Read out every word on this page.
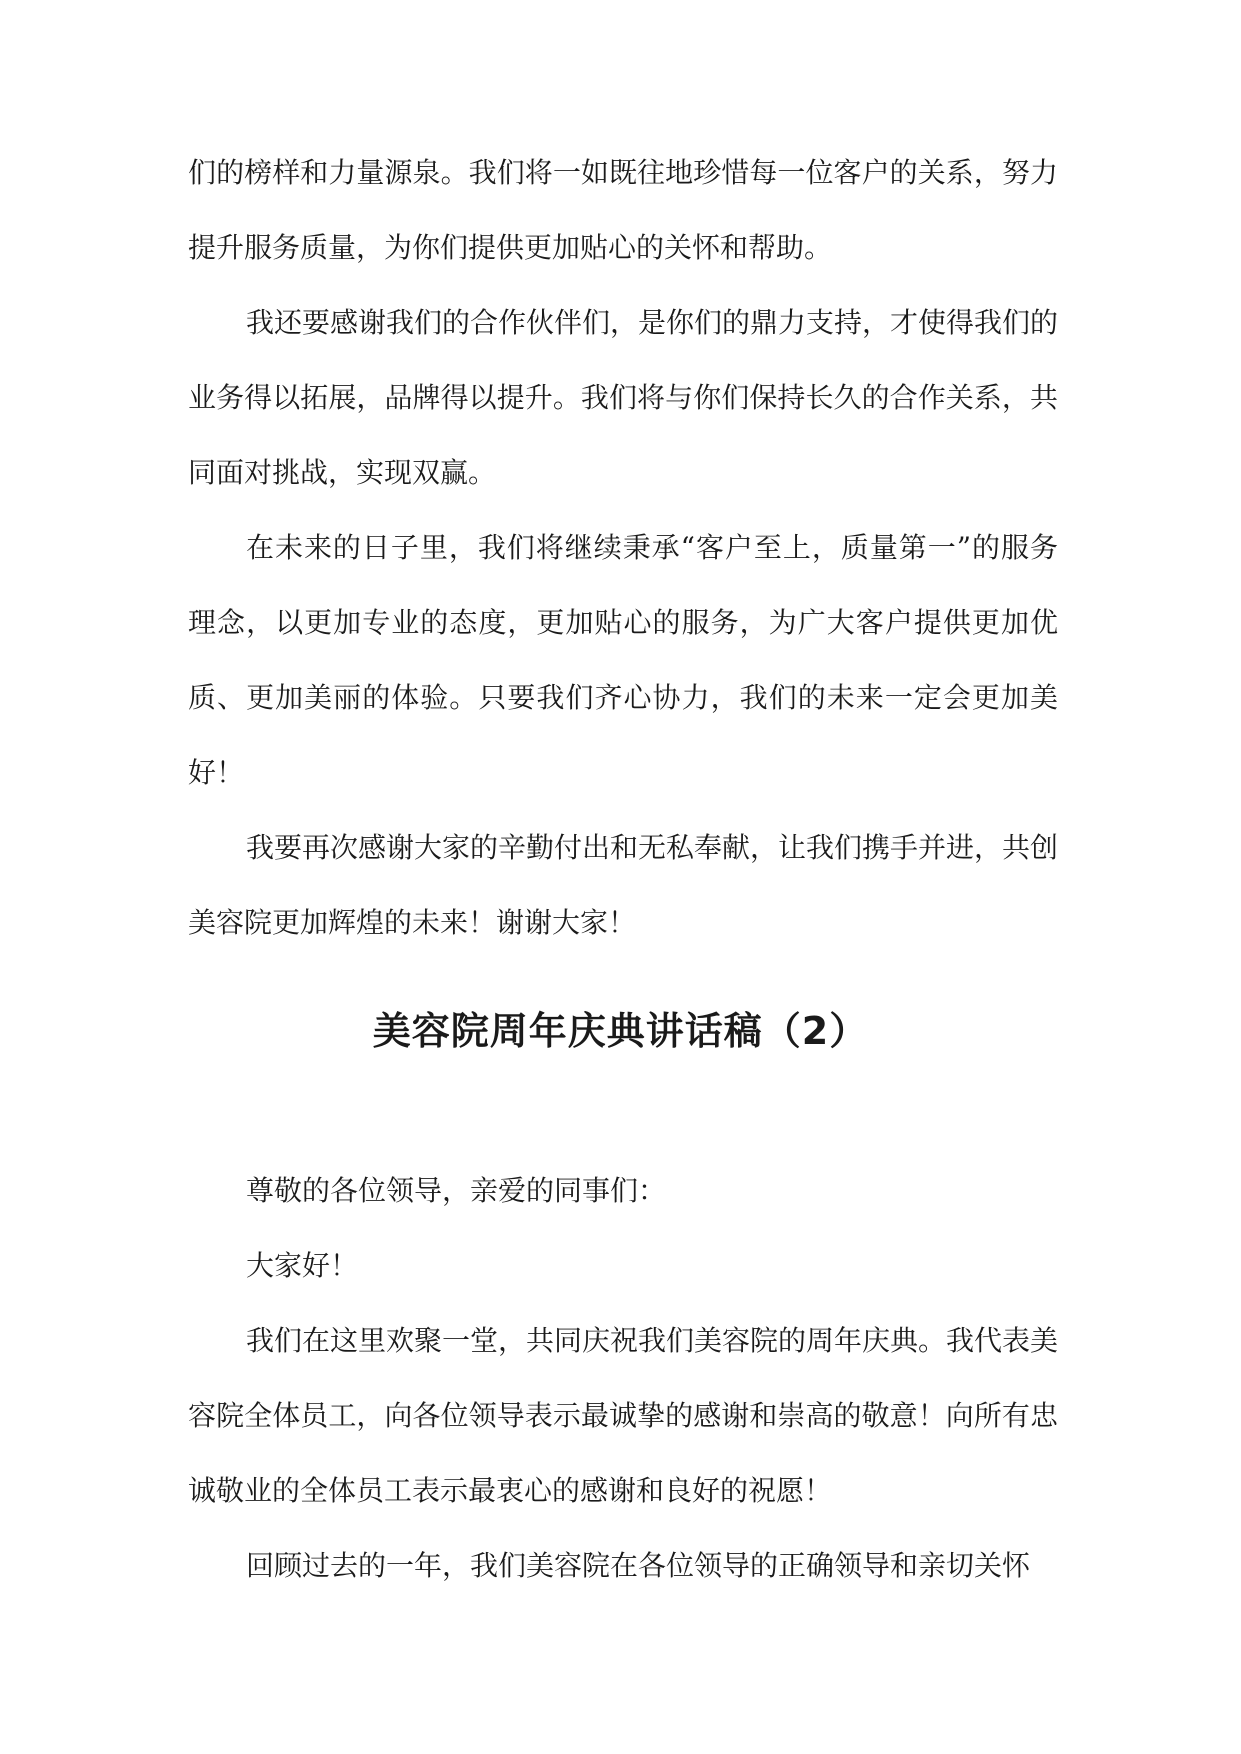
们的榜样和力量源泉。我们将一如既往地珍惜每一位客户的关系，努力提升服务质量，为你们提供更加贴心的关怀和帮助。

我还要感谢我们的合作伙伴们，是你们的鼎力支持，才使得我们的业务得以拓展，品牌得以提升。我们将与你们保持长久的合作关系，共同面对挑战，实现双赢。

在未来的日子里，我们将继续秉承“客户至上，质量第一”的服务理念，以更加专业的态度，更加贴心的服务，为广大客户提供更加优质、更加美丽的体验。只要我们齐心协力，我们的未来一定会更加美好！

我要再次感谢大家的辛勤付出和无私奉献，让我们携手并进，共创美容院更加辉煌的未来！谢谢大家！

美容院周年庆典讲话稿（2）

尊敬的各位领导，亲爱的同事们：

大家好！

我们在这里欢聚一堂，共同庆祝我们美容院的周年庆典。我代表美容院全体员工，向各位领导表示最诚挚的感谢和崇高的敬意！向所有忠诚敬业的全体员工表示最衷心的感谢和良好的祝愿！

回顾过去的一年，我们美容院在各位领导的正确领导和亲切关怀
